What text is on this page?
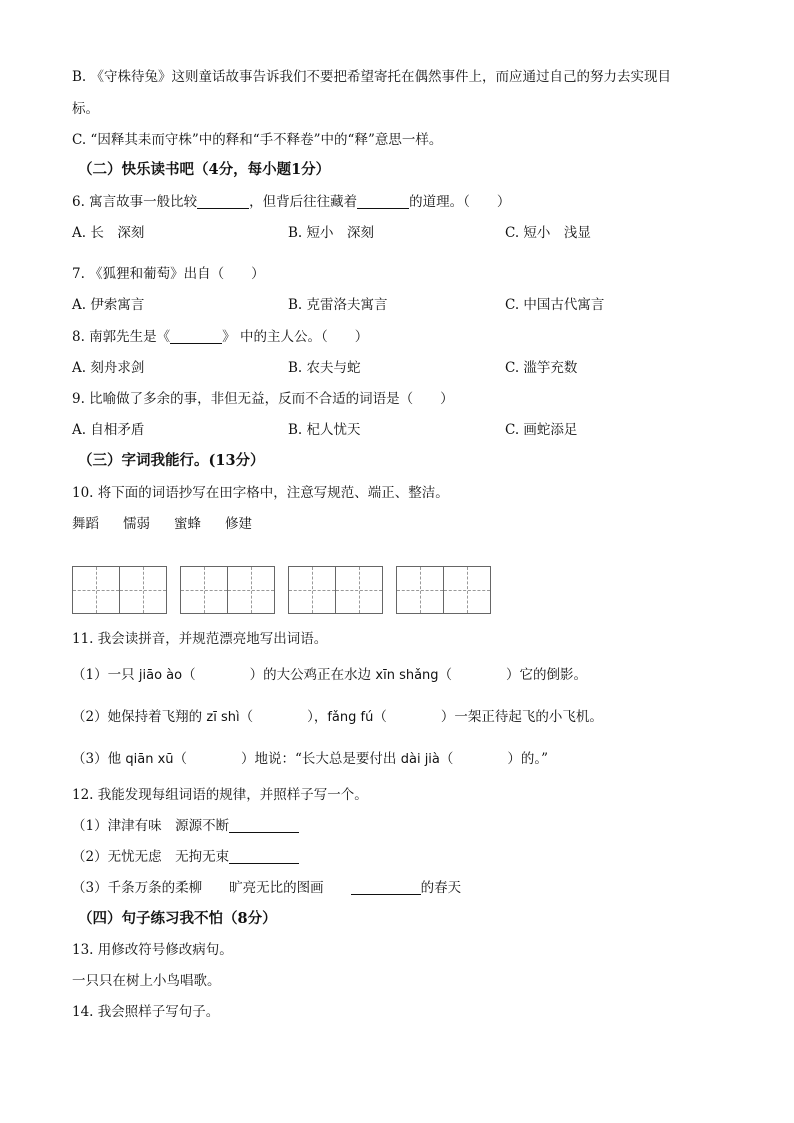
B. 《守株待兔》这则童话故事告诉我们不要把希望寄托在偶然事件上，而应通过自己的努力去实现目
标。
C. “因释其耒而守株”中的释和“手不释卷”中的“释”意思一样。
（二）快乐读书吧（4分，每小题1分）
6. 寓言故事一般比较	，但背后往往藏着	的道理。（　　）
A. 长　深刻	B. 短小　深刻	C. 短小　浅显
7. 《狐狸和葡萄》出自（　　）
A. 伊索寓言	B. 克雷洛夫寓言	C. 中国古代寓言
8. 南郭先生是《	》 中的主人公。（　　）
A. 刻舟求剑	B. 农夫与蛇	C. 滥竽充数
9. 比喻做了多余的事，非但无益，反而不合适的词语是（　　）
A. 自相矛盾	B. 杞人忧天	C. 画蛇添足
（三）字词我能行。(13分）
10. 将下面的词语抄写在田字格中，注意写规范、端正、整洁。
舞蹈 懦弱 蜜蜂 修建
11. 我会读拼音，并规范漂亮地写出词语。
（1）一只 jiāo ào（　　　　）的大公鸡正在水边 xīn shǎng（　　　　）它的倒影。
（2）她保持着飞翔的 zī shì（　　　　），fǎng fú（　　　　）一架正待起飞的小飞机。
（3）他 qiān xū（　　　　）地说：“长大总是要付出 dài jià（　　　　）的。”
12. 我能发现每组词语的规律，并照样子写一个。
（1）津津有味　源源不断
（2）无忧无虑　无拘无束
（3）千条万条的柔柳　　旷亮无比的图画　　	的春天
（四）句子练习我不怕（8分）
13. 用修改符号修改病句。
一只只在树上小鸟唱歌。
14. 我会照样子写句子。
